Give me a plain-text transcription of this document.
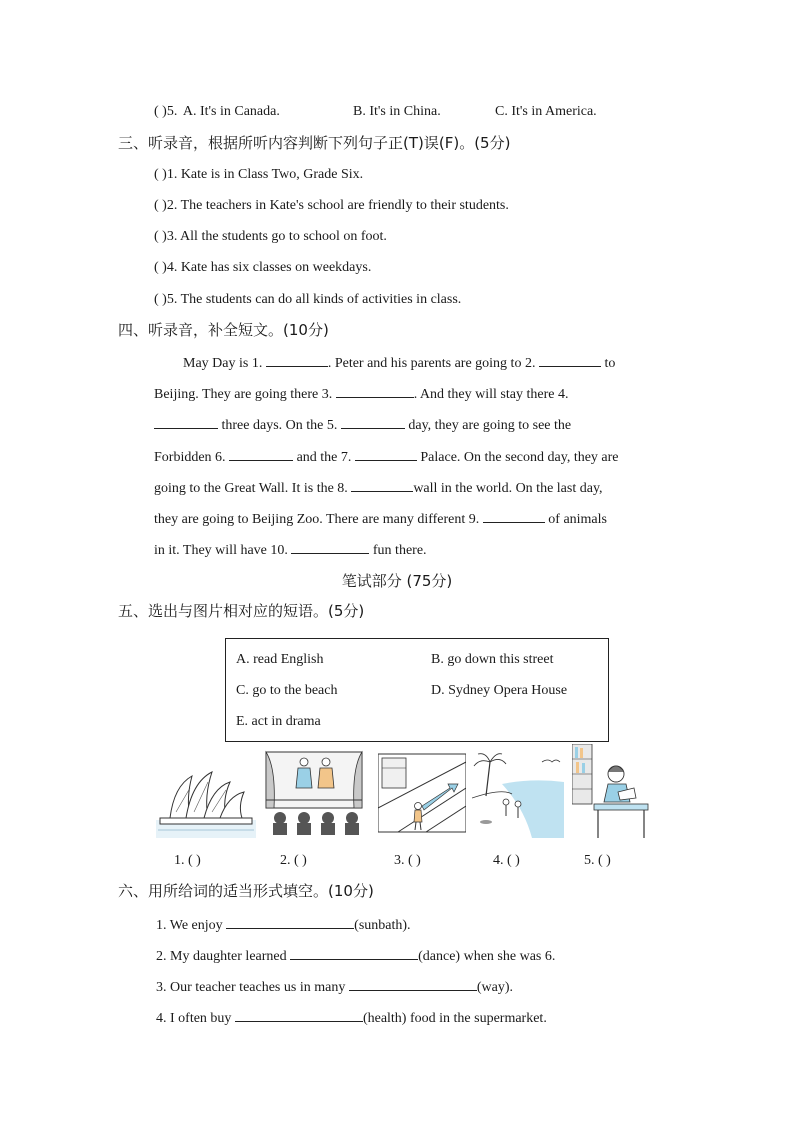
( )5. A. It's in Canada.	B. It's in China.	C. It's in America.
三、听录音，根据所听内容判断下列句子正(T)误(F)。(5分)
( )1. Kate is in Class Two, Grade Six.
( )2. The teachers in Kate's school are friendly to their students.
( )3. All the students go to school on foot.
( )4. Kate has six classes on weekdays.
( )5. The students can do all kinds of activities in class.
四、听录音，补全短文。(10分)
May Day is 1.	. Peter and his parents are going to 2.	to
Beijing. They are going there 3.	. And they will stay there 4.
three days. On the 5.	day, they are going to see the
Forbidden 6.	and the 7.	Palace. On the second day, they are
going to the Great Wall. It is the 8.	wall in the world. On the last day,
they are going to Beijing Zoo. There are many different 9.	of animals
in it. They will have 10.	fun there.
笔试部分 (75分)
五、选出与图片相对应的短语。(5分)
A. read English	B. go down this street
C. go to the beach	D. Sydney Opera House
E. act in drama
1. ( )	2. ( )	3. ( )	4. ( )	5. ( )
六、用所给词的适当形式填空。(10分)
1. We enjoy	(sunbath).
2. My daughter learned	(dance) when she was 6.
3. Our teacher teaches us in many	(way).
4. I often buy	(health) food in the supermarket.
